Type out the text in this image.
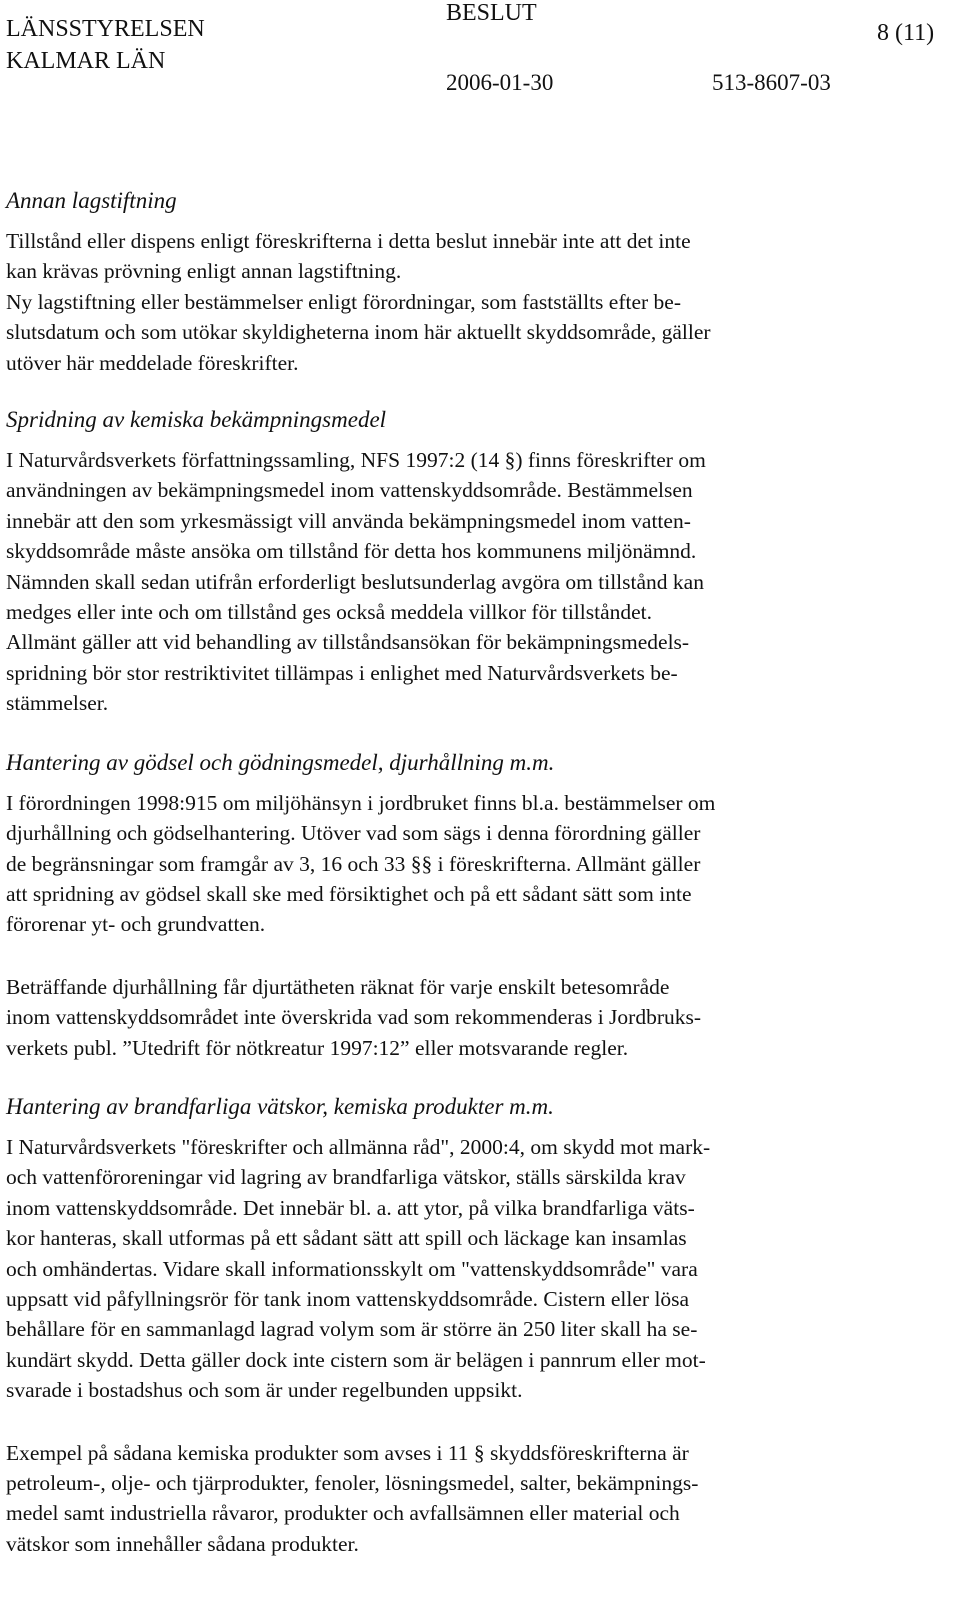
LÄNSSTYRELSEN
KALMAR LÄN
BESLUT
2006-01-30	513-8607-03
8 (11)
Annan lagstiftning

Tillstånd eller dispens enligt föreskrifterna i detta beslut innebär inte att det inte
kan krävas prövning enligt annan lagstiftning.
Ny lagstiftning eller bestämmelser enligt förordningar, som fastställts efter be-
slutsdatum och som utökar skyldigheterna inom här aktuellt skyddsområde, gäller
utöver här meddelade föreskrifter.

Spridning av kemiska bekämpningsmedel

I Naturvårdsverkets författningssamling, NFS 1997:2 (14 §) finns föreskrifter om
användningen av bekämpningsmedel inom vattenskyddsområde. Bestämmelsen
innebär att den som yrkesmässigt vill använda bekämpningsmedel inom vatten-
skyddsområde måste ansöka om tillstånd för detta hos kommunens miljönämnd.
Nämnden skall sedan utifrån erforderligt beslutsunderlag avgöra om tillstånd kan
medges eller inte och om tillstånd ges också meddela villkor för tillståndet.
Allmänt gäller att vid behandling av tillståndsansökan för bekämpningsmedels-
spridning bör stor restriktivitet tillämpas i enlighet med Naturvårdsverkets be-
stämmelser.

Hantering av gödsel och gödningsmedel, djurhållning m.m.

I förordningen 1998:915 om miljöhänsyn i jordbruket finns bl.a. bestämmelser om
djurhållning och gödselhantering. Utöver vad som sägs i denna förordning gäller
de begränsningar som framgår av 3, 16 och 33 §§ i föreskrifterna. Allmänt gäller
att spridning av gödsel skall ske med försiktighet och på ett sådant sätt som inte
förorenar yt- och grundvatten.

Beträffande djurhållning får djurtätheten räknat för varje enskilt betesområde
inom vattenskyddsområdet inte överskrida vad som rekommenderas i Jordbruks-
verkets publ. ”Utedrift för nötkreatur 1997:12” eller motsvarande regler.

Hantering av brandfarliga vätskor, kemiska produkter m.m.

I Naturvårdsverkets "föreskrifter och allmänna råd", 2000:4, om skydd mot mark-
och vattenföroreningar vid lagring av brandfarliga vätskor, ställs särskilda krav
inom vattenskyddsområde. Det innebär bl. a. att ytor, på vilka brandfarliga väts-
kor hanteras, skall utformas på ett sådant sätt att spill och läckage kan insamlas
och omhändertas. Vidare skall informationsskylt om "vattenskyddsområde" vara
uppsatt vid påfyllningsrör för tank inom vattenskyddsområde. Cistern eller lösa
behållare för en sammanlagd lagrad volym som är större än 250 liter skall ha se-
kundärt skydd. Detta gäller dock inte cistern som är belägen i pannrum eller mot-
svarade i bostadshus och som är under regelbunden uppsikt.

Exempel på sådana kemiska produkter som avses i 11 § skyddsföreskrifterna är
petroleum-, olje- och tjärprodukter, fenoler, lösningsmedel, salter, bekämpnings-
medel samt industriella råvaror, produkter och avfallsämnen eller material och
vätskor som innehåller sådana produkter.
